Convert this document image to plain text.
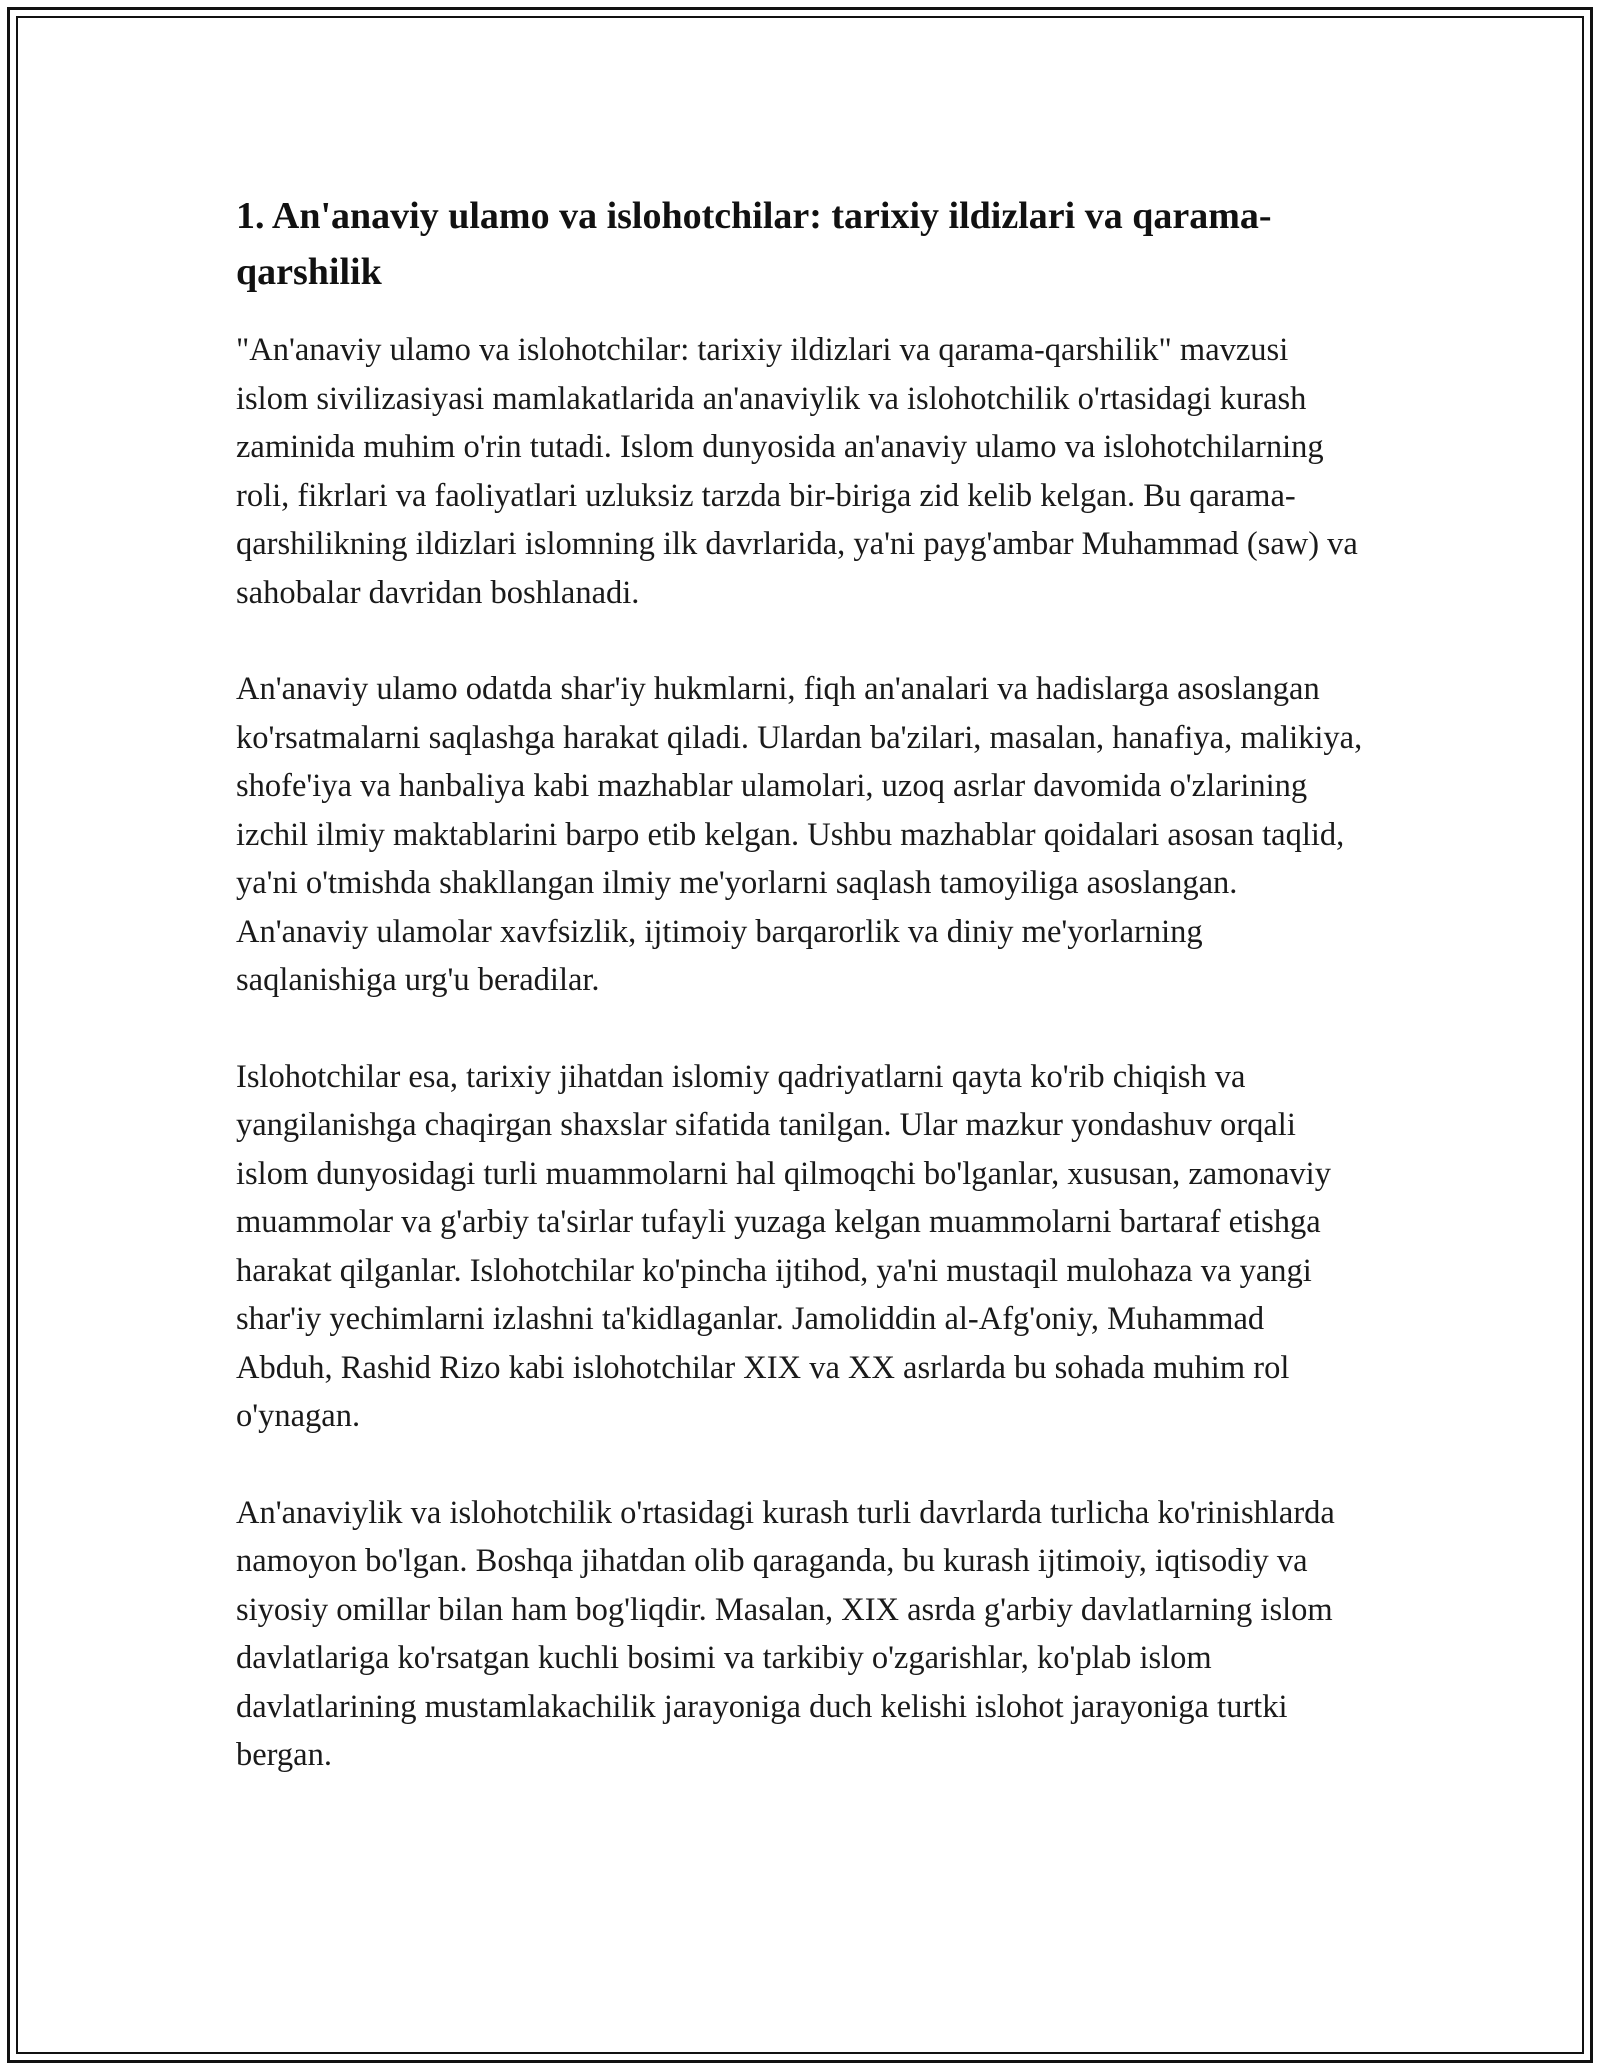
1. An'anaviy ulamo va islohotchilar: tarixiy ildizlari va qarama-qarshilik

"An'anaviy ulamo va islohotchilar: tarixiy ildizlari va qarama-qarshilik" mavzusi islom sivilizasiyasi mamlakatlarida an'anaviylik va islohotchilik o'rtasidagi kurash zaminida muhim o'rin tutadi. Islom dunyosida an'anaviy ulamo va islohotchilarning roli, fikrlari va faoliyatlari uzluksiz tarzda bir-biriga zid kelib kelgan. Bu qarama-qarshilikning ildizlari islomning ilk davrlarida, ya'ni payg'ambar Muhammad (saw) va sahobalar davridan boshlanadi.

An'anaviy ulamo odatda shar'iy hukmlarni, fiqh an'analari va hadislarga asoslangan ko'rsatmalarni saqlashga harakat qiladi. Ulardan ba'zilari, masalan, hanafiya, malikiya, shofe'iya va hanbaliya kabi mazhablar ulamolari, uzoq asrlar davomida o'zlarining izchil ilmiy maktablarini barpo etib kelgan. Ushbu mazhablar qoidalari asosan taqlid, ya'ni o'tmishda shakllangan ilmiy me'yorlarni saqlash tamoyiliga asoslangan. An'anaviy ulamolar xavfsizlik, ijtimoiy barqarorlik va diniy me'yorlarning saqlanishiga urg'u beradilar.

Islohotchilar esa, tarixiy jihatdan islomiy qadriyatlarni qayta ko'rib chiqish va yangilanishga chaqirgan shaxslar sifatida tanilgan. Ular mazkur yondashuv orqali islom dunyosidagi turli muammolarni hal qilmoqchi bo'lganlar, xususan, zamonaviy muammolar va g'arbiy ta'sirlar tufayli yuzaga kelgan muammolarni bartaraf etishga harakat qilganlar. Islohotchilar ko'pincha ijtihod, ya'ni mustaqil mulohaza va yangi shar'iy yechimlarni izlashni ta'kidlaganlar. Jamoliddin al-Afg'oniy, Muhammad Abduh, Rashid Rizo kabi islohotchilar XIX va XX asrlarda bu sohada muhim rol o'ynagan.

An'anaviylik va islohotchilik o'rtasidagi kurash turli davrlarda turlicha ko'rinishlarda namoyon bo'lgan. Boshqa jihatdan olib qaraganda, bu kurash ijtimoiy, iqtisodiy va siyosiy omillar bilan ham bog'liqdir. Masalan, XIX asrda g'arbiy davlatlarning islom davlatlariga ko'rsatgan kuchli bosimi va tarkibiy o'zgarishlar, ko'plab islom davlatlarining mustamlakachilik jarayoniga duch kelishi islohot jarayoniga turtki bergan.
